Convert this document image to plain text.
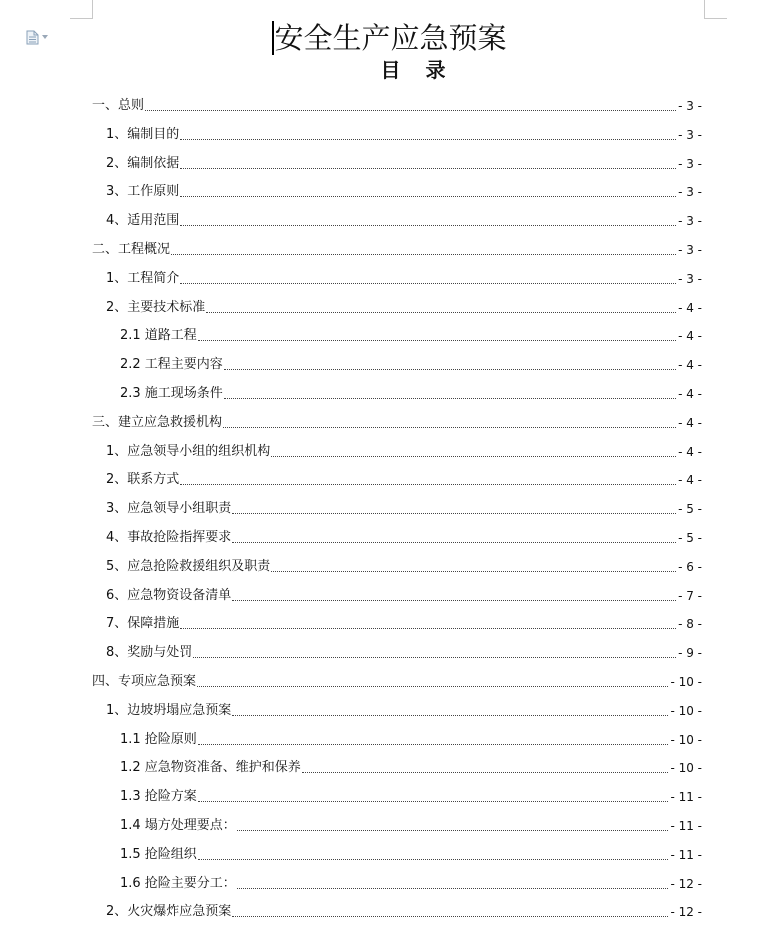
安全生产应急预案
目 录
一、总则	- 3 -
1、编制目的	- 3 -
2、编制依据	- 3 -
3、工作原则	- 3 -
4、适用范围	- 3 -
二、工程概况	- 3 -
1、工程简介	- 3 -
2、主要技术标准	- 4 -
2.1 道路工程	- 4 -
2.2 工程主要内容	- 4 -
2.3 施工现场条件	- 4 -
三、建立应急救援机构	- 4 -
1、应急领导小组的组织机构	- 4 -
2、联系方式	- 4 -
3、应急领导小组职责	- 5 -
4、事故抢险指挥要求	- 5 -
5、应急抢险救援组织及职责	- 6 -
6、应急物资设备清单	- 7 -
7、保障措施	- 8 -
8、奖励与处罚	- 9 -
四、专项应急预案	- 10 -
1、边坡坍塌应急预案	- 10 -
1.1 抢险原则	- 10 -
1.2 应急物资准备、维护和保养	- 10 -
1.3 抢险方案	- 11 -
1.4 塌方处理要点：	- 11 -
1.5 抢险组织	- 11 -
1.6 抢险主要分工：	- 12 -
2、火灾爆炸应急预案	- 12 -
